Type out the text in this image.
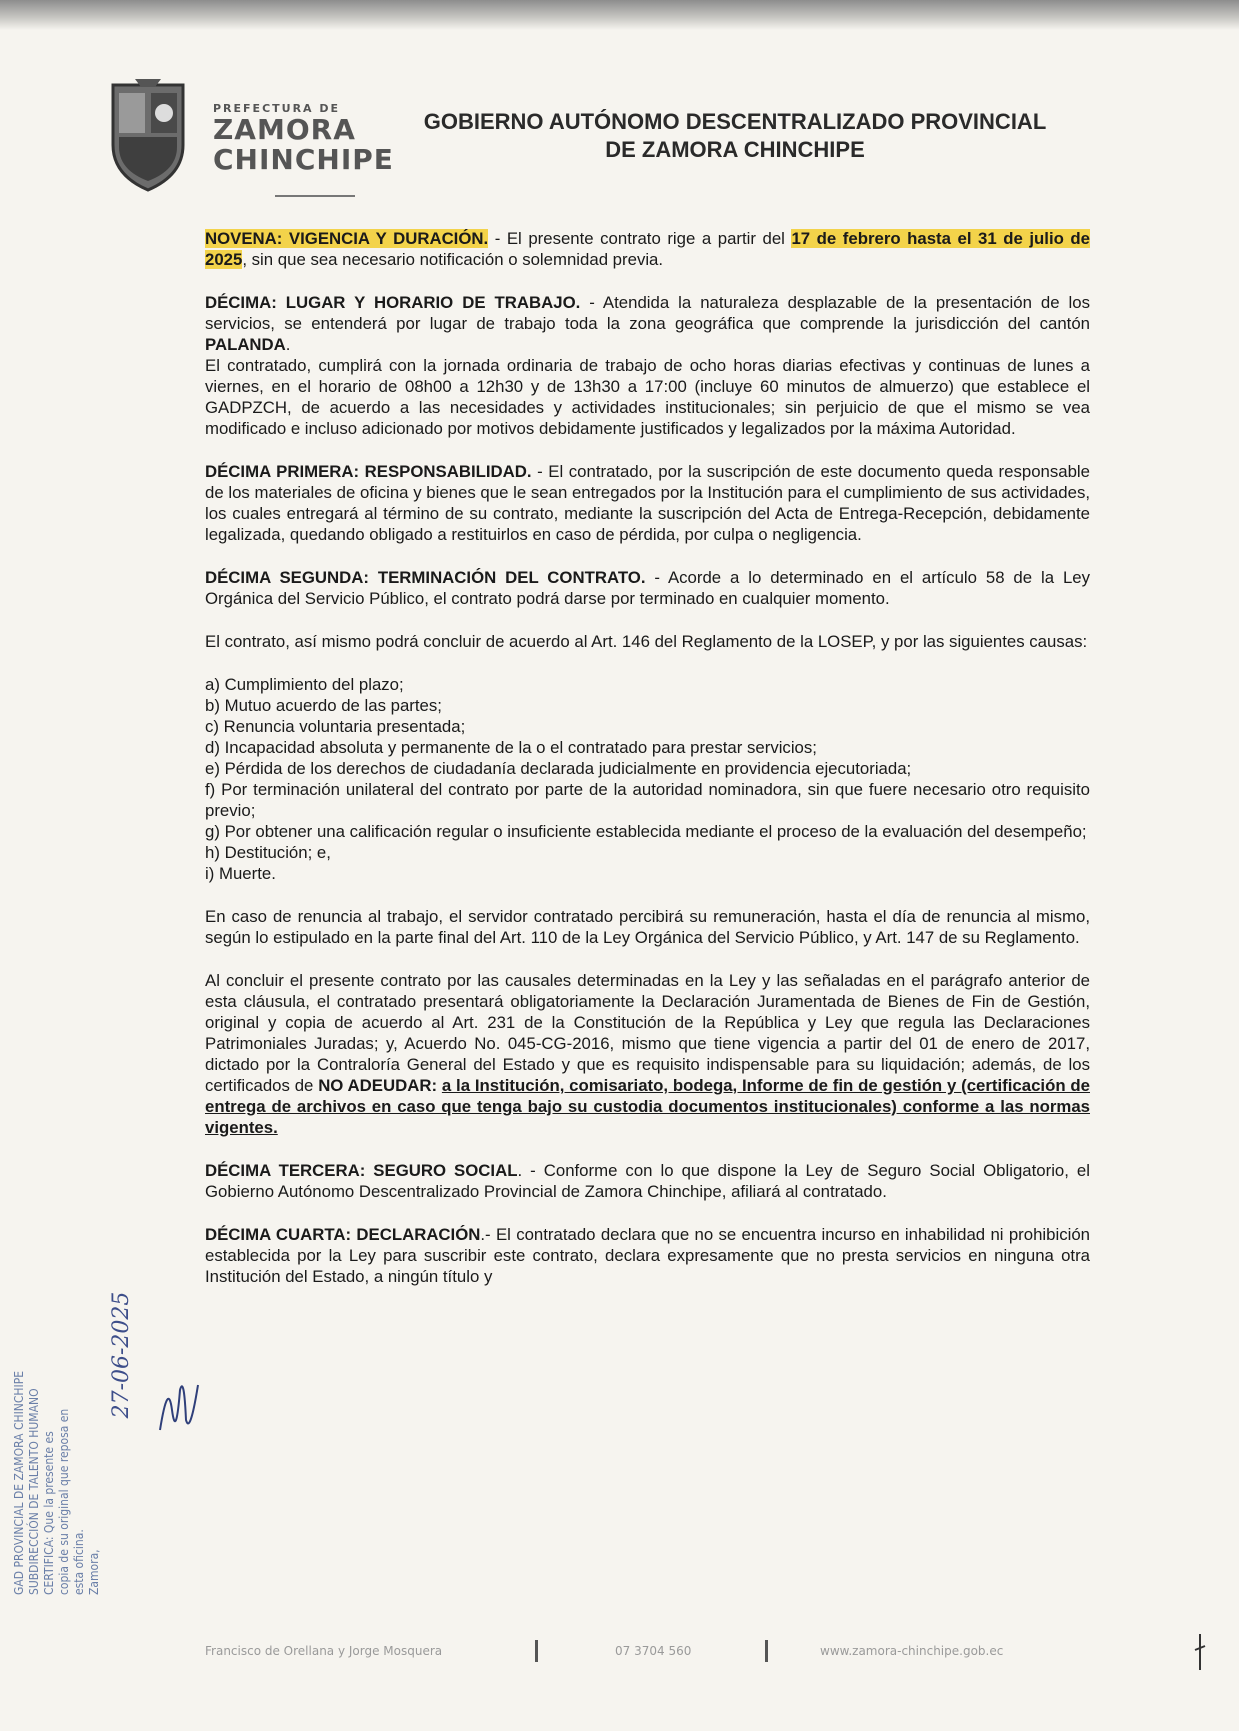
PREFECTURA DE
ZAMORA
CHINCHIPE
GOBIERNO AUTÓNOMO DESCENTRALIZADO PROVINCIAL
DE ZAMORA CHINCHIPE

NOVENA: VIGENCIA Y DURACIÓN. - El presente contrato rige a partir del 17 de febrero hasta el 31 de julio de 2025, sin que sea necesario notificación o solemnidad previa.

DÉCIMA: LUGAR Y HORARIO DE TRABAJO. - Atendida la naturaleza desplazable de la presentación de los servicios, se entenderá por lugar de trabajo toda la zona geográfica que comprende la jurisdicción del cantón PALANDA.

El contratado, cumplirá con la jornada ordinaria de trabajo de ocho horas diarias efectivas y continuas de lunes a viernes, en el horario de 08h00 a 12h30 y de 13h30 a 17:00 (incluye 60 minutos de almuerzo) que establece el GADPZCH, de acuerdo a las necesidades y actividades institucionales; sin perjuicio de que el mismo se vea modificado e incluso adicionado por motivos debidamente justificados y legalizados por la máxima Autoridad.

DÉCIMA PRIMERA: RESPONSABILIDAD. - El contratado, por la suscripción de este documento queda responsable de los materiales de oficina y bienes que le sean entregados por la Institución para el cumplimiento de sus actividades, los cuales entregará al término de su contrato, mediante la suscripción del Acta de Entrega-Recepción, debidamente legalizada, quedando obligado a restituirlos en caso de pérdida, por culpa o negligencia.

DÉCIMA SEGUNDA: TERMINACIÓN DEL CONTRATO. - Acorde a lo determinado en el artículo 58 de la Ley Orgánica del Servicio Público, el contrato podrá darse por terminado en cualquier momento.

El contrato, así mismo podrá concluir de acuerdo al Art. 146 del Reglamento de la LOSEP, y por las siguientes causas:

a) Cumplimiento del plazo;

b) Mutuo acuerdo de las partes;

c) Renuncia voluntaria presentada;

d) Incapacidad absoluta y permanente de la o el contratado para prestar servicios;

e) Pérdida de los derechos de ciudadanía declarada judicialmente en providencia ejecutoriada;

f) Por terminación unilateral del contrato por parte de la autoridad nominadora, sin que fuere necesario otro requisito previo;

g) Por obtener una calificación regular o insuficiente establecida mediante el proceso de la evaluación del desempeño;

h) Destitución; e,

i) Muerte.

En caso de renuncia al trabajo, el servidor contratado percibirá su remuneración, hasta el día de renuncia al mismo, según lo estipulado en la parte final del Art. 110 de la Ley Orgánica del Servicio Público, y Art. 147 de su Reglamento.

Al concluir el presente contrato por las causales determinadas en la Ley y las señaladas en el parágrafo anterior de esta cláusula, el contratado presentará obligatoriamente la Declaración Juramentada de Bienes de Fin de Gestión, original y copia de acuerdo al Art. 231 de la Constitución de la República y Ley que regula las Declaraciones Patrimoniales Juradas; y, Acuerdo No. 045-CG-2016, mismo que tiene vigencia a partir del 01 de enero de 2017, dictado por la Contraloría General del Estado y que es requisito indispensable para su liquidación; además, de los certificados de NO ADEUDAR: a la Institución, comisariato, bodega, Informe de fin de gestión y (certificación de entrega de archivos en caso que tenga bajo su custodia documentos institucionales) conforme a las normas vigentes.

DÉCIMA TERCERA: SEGURO SOCIAL. - Conforme con lo que dispone la Ley de Seguro Social Obligatorio, el Gobierno Autónomo Descentralizado Provincial de Zamora Chinchipe, afiliará al contratado.

DÉCIMA CUARTA: DECLARACIÓN.- El contratado declara que no se encuentra incurso en inhabilidad ni prohibición establecida por la Ley para suscribir este contrato, declara expresamente que no presta servicios en ninguna otra Institución del Estado, a ningún título y

GAD PROVINCIAL DE ZAMORA CHINCHIPE SUBDIRECCIÓN DE TALENTO HUMANO CERTIFICA: Que la presente es copia de su original que reposa en esta oficina. Zamora,
27-06-2025
Francisco de Orellana y Jorge Mosquera	07 3704 560	www.zamora-chinchipe.gob.ec
